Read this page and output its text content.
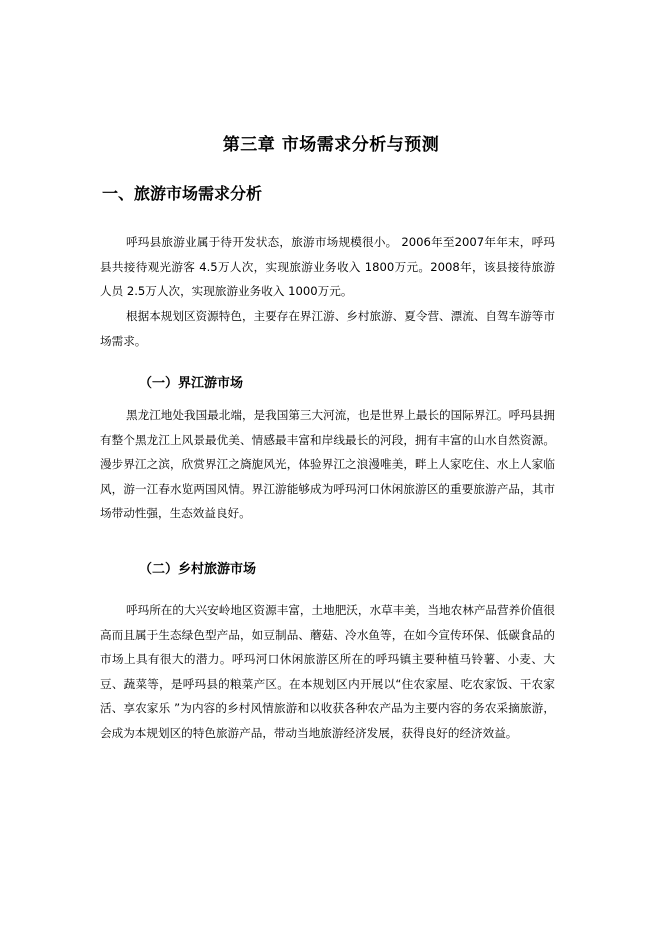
第三章 市场需求分析与预测
一、旅游市场需求分析

呼玛县旅游业属于待开发状态，旅游市场规模很小。 2006年至2007年年末，呼玛县共接待观光游客 4.5万人次，实现旅游业务收入 1800万元。2008年，该县接待旅游人员 2.5万人次，实现旅游业务收入 1000万元。

根据本规划区资源特色，主要存在界江游、乡村旅游、夏令营、漂流、自驾车游等市场需求。

（一）界江游市场

黑龙江地处我国最北端，是我国第三大河流，也是世界上最长的国际界江。呼玛县拥有整个黑龙江上风景最优美、情感最丰富和岸线最长的河段，拥有丰富的山水自然资源。漫步界江之滨，欣赏界江之旖旎风光，体验界江之浪漫唯美，畔上人家吃住、水上人家临风，游一江春水览两国风情。界江游能够成为呼玛河口休闲旅游区的重要旅游产品，其市场带动性强，生态效益良好。

（二）乡村旅游市场

呼玛所在的大兴安岭地区资源丰富，土地肥沃，水草丰美，当地农林产品营养价值很高而且属于生态绿色型产品，如豆制品、蘑菇、冷水鱼等，在如今宣传环保、低碳食品的市场上具有很大的潜力。呼玛河口休闲旅游区所在的呼玛镇主要种植马铃薯、小麦、大豆、蔬菜等，是呼玛县的粮菜产区。在本规划区内开展以“住农家屋、吃农家饭、干农家活、享农家乐 ”为内容的乡村风情旅游和以收获各种农产品为主要内容的务农采摘旅游，会成为本规划区的特色旅游产品，带动当地旅游经济发展，获得良好的经济效益。
